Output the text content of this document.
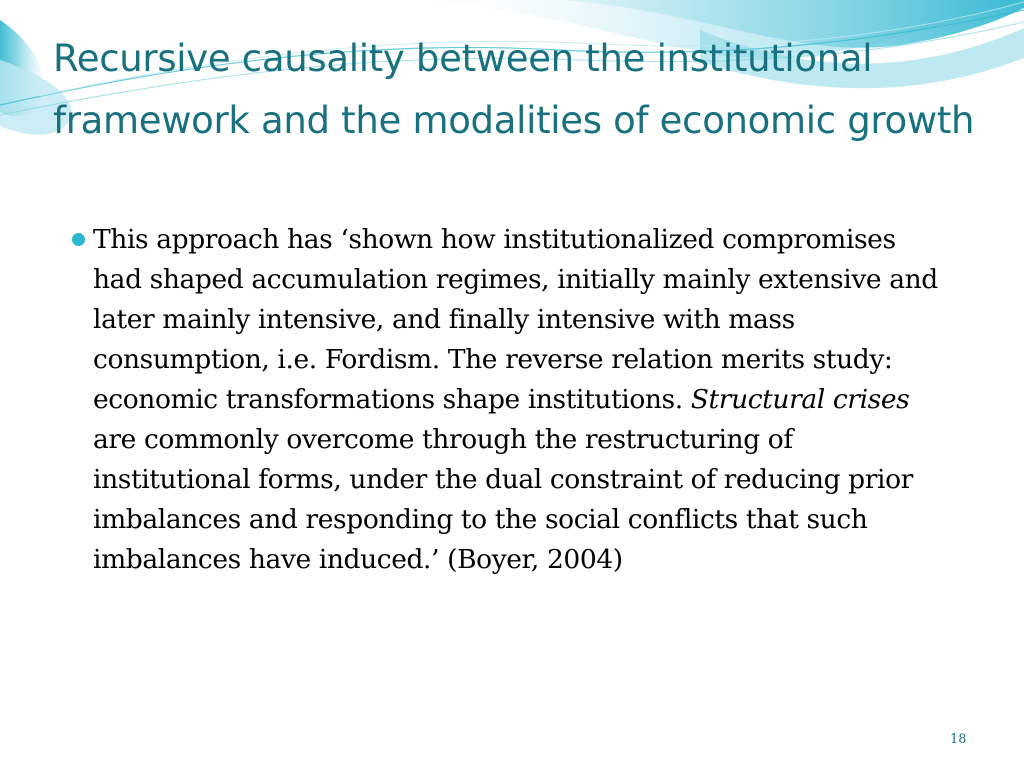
Recursive causality between the institutional framework and the modalities of economic growth
This approach has ‘shown how institutionalized compromises had shaped accumulation regimes, initially mainly extensive and later mainly intensive, and finally intensive with mass consumption, i.e. Fordism. The reverse relation merits study: economic transformations shape institutions. Structural crises are commonly overcome through the restructuring of institutional forms, under the dual constraint of reducing prior imbalances and responding to the social conflicts that such imbalances have induced.’ (Boyer, 2004)
18
